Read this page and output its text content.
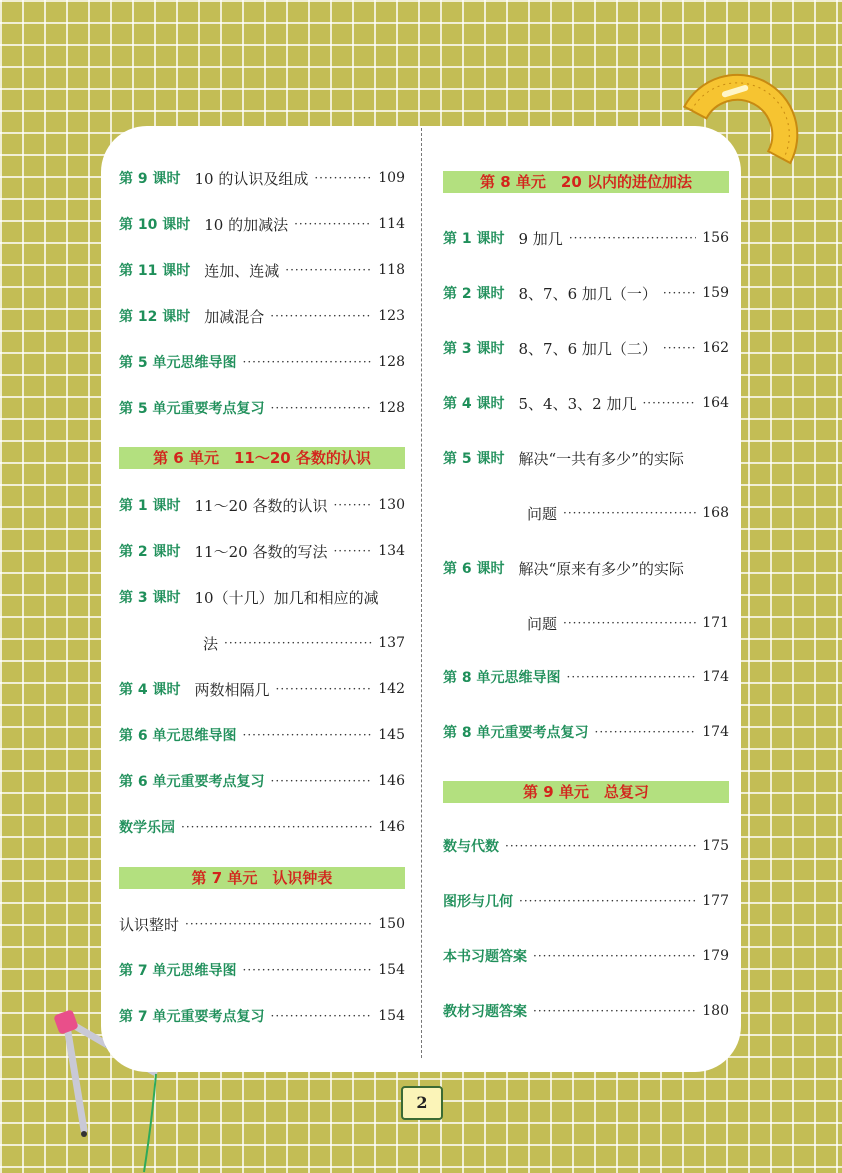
第 9 课时 10 的认识及组成 ·····	109
第 10 课时 10 的加减法 ·····	114
第 11 课时 连加、连减 ·····	118
第 12 课时 加减混合 ·····	123
第 5 单元思维导图 ·····	128
第 5 单元重要考点复习 ·····	128
第 6 单元　11～20 各数的认识
第 1 课时 11～20 各数的认识 ·····	130
第 2 课时 11～20 各数的写法 ·····	134
第 3 课时 10（十几）加几和相应的减
法 ·····	137
第 4 课时 两数相隔几 ·····	142
第 6 单元思维导图 ·····	145
第 6 单元重要考点复习 ·····	146
数学乐园 ·····	146
第 7 单元　认识钟表
认识整时 ·····	150
第 7 单元思维导图 ·····	154
第 7 单元重要考点复习 ·····	154
第 8 单元　20 以内的进位加法
第 1 课时 9 加几 ·····	156
第 2 课时 8、7、6 加几（一） ·····	159
第 3 课时 8、7、6 加几（二） ·····	162
第 4 课时 5、4、3、2 加几 ·····	164
第 5 课时 解决“一共有多少”的实际
问题 ·····	168
第 6 课时 解决“原来有多少”的实际
问题 ·····	171
第 8 单元思维导图 ·····	174
第 8 单元重要考点复习 ·····	174
第 9 单元　总复习
数与代数 ·····	175
图形与几何 ·····	177
本书习题答案 ·····	179
教材习题答案 ·····	180
2
